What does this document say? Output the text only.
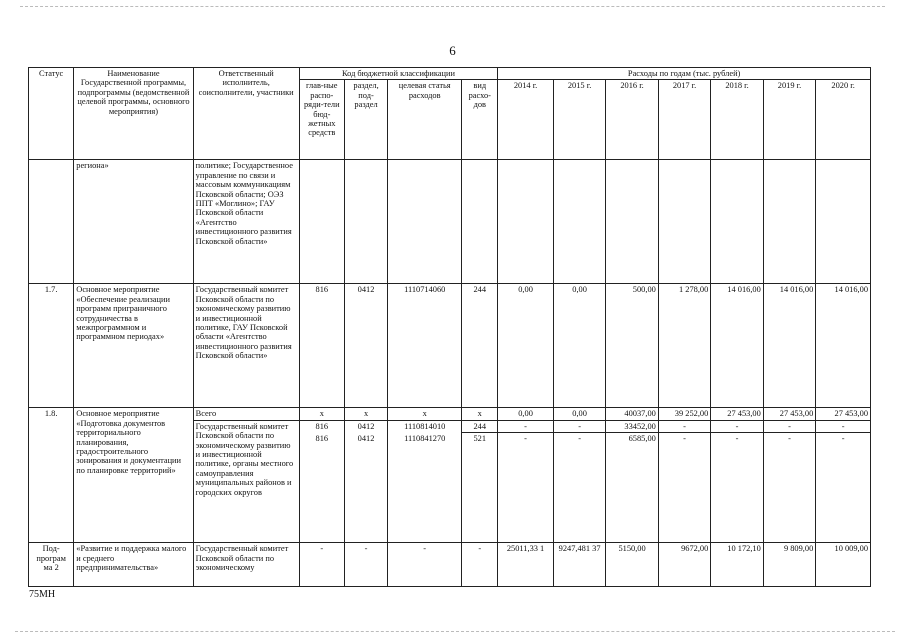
6
Статус	Наименование Государственной программы, подпрограммы (ведомственной целевой программы, основного мероприятия)	Ответственный исполнитель, соисполнители, участники	Код бюджетной классификации				Расходы по годам (тыс. рублей)						
			глав-ные распо-ряди-тели бюд-жетных средств	раздел, под-раздел	целевая статья расходов	вид расхо-дов	2014 г.	2015 г.	2016 г.	2017 г.	2018 г.	2019 г.	2020 г.
	региона»	политике; Государственное управление по связи и массовым коммуникациям Псковской области; ОЭЗ ППТ «Моглино»; ГАУ Псковской области «Агентство инвестиционного развития Псковской области»											
1.7.	Основное мероприятие «Обеспечение реализации программ приграничного сотрудничества в межпрограммном и программном периодах»	Государственный комитет Псковской области по экономическому развитию и инвестиционной политике, ГАУ Псковской области «Агентство инвестиционного развития Псковской области»	816	0412	1110714060	244	0,00	0,00	500,00	1 278,00	14 016,00	14 016,00	14 016,00
1.8.	Основное мероприятие «Подготовка документов территориального планирования, градостроительного зонирования и документации по планировке территорий»	Всего	х	х	х	х	0,00	0,00	40037,00	39 252,00	27 453,00	27 453,00	27 453,00
		Государственный комитет Псковской области по экономическому развитию и инвестиционной политике, органы местного самоуправления муниципальных районов и городских округов	816	0412	1110814010	244	-	-	33452,00	-	-	-	-
			816	0412	1110841270	521	-	-	6585,00	-	-	-	-
Под-програм ма 2	«Развитие и поддержка малого и среднего предпринимательства»	Государственный комитет Псковской области по экономическому	-	-	-	-	25011,33 1	9247,481 37	5150,00	9672,00	10 172,10	9 809,00	10 009,00
75МН
